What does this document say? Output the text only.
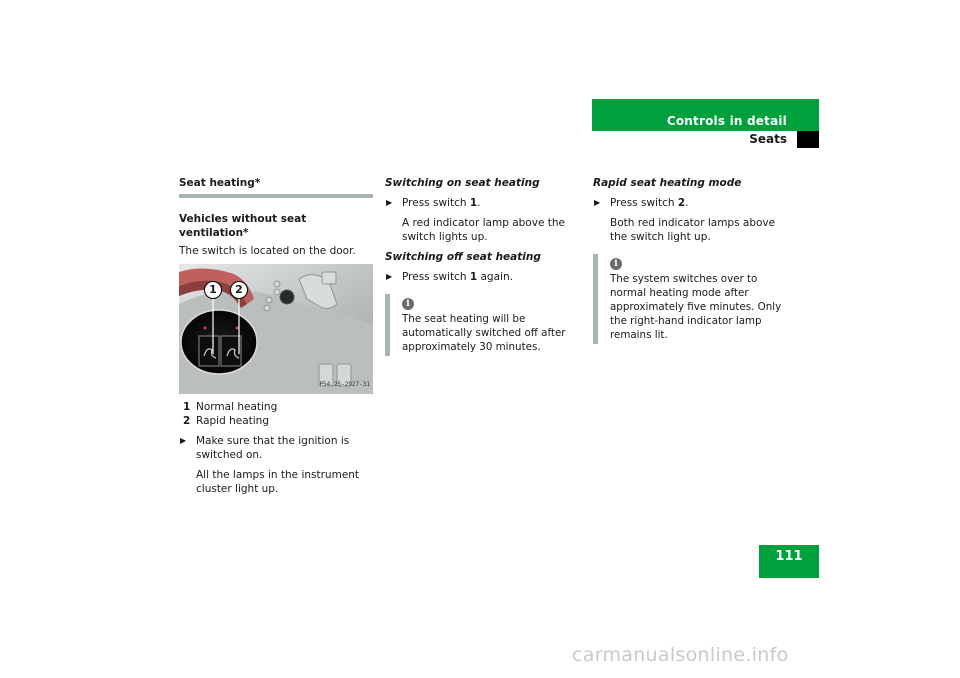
Controls in detail
Seats
Seat heating*
Vehicles without seat ventilation*
The switch is located on the door.
1	2
P54.25-2927-31
1 Normal heating
2 Rapid heating
▶ Make sure that the ignition is switched on.
All the lamps in the instrument cluster light up.
Switching on seat heating
▶ Press switch 1.
A red indicator lamp above the switch lights up.
Switching off seat heating
▶ Press switch 1 again.
i
The seat heating will be automatically switched off after approximately 30 minutes.
Rapid seat heating mode
▶ Press switch 2.
Both red indicator lamps above the switch light up.
i
The system switches over to normal heating mode after approximately five minutes. Only the right-hand indicator lamp remains lit.
111
carmanualsonline.info
